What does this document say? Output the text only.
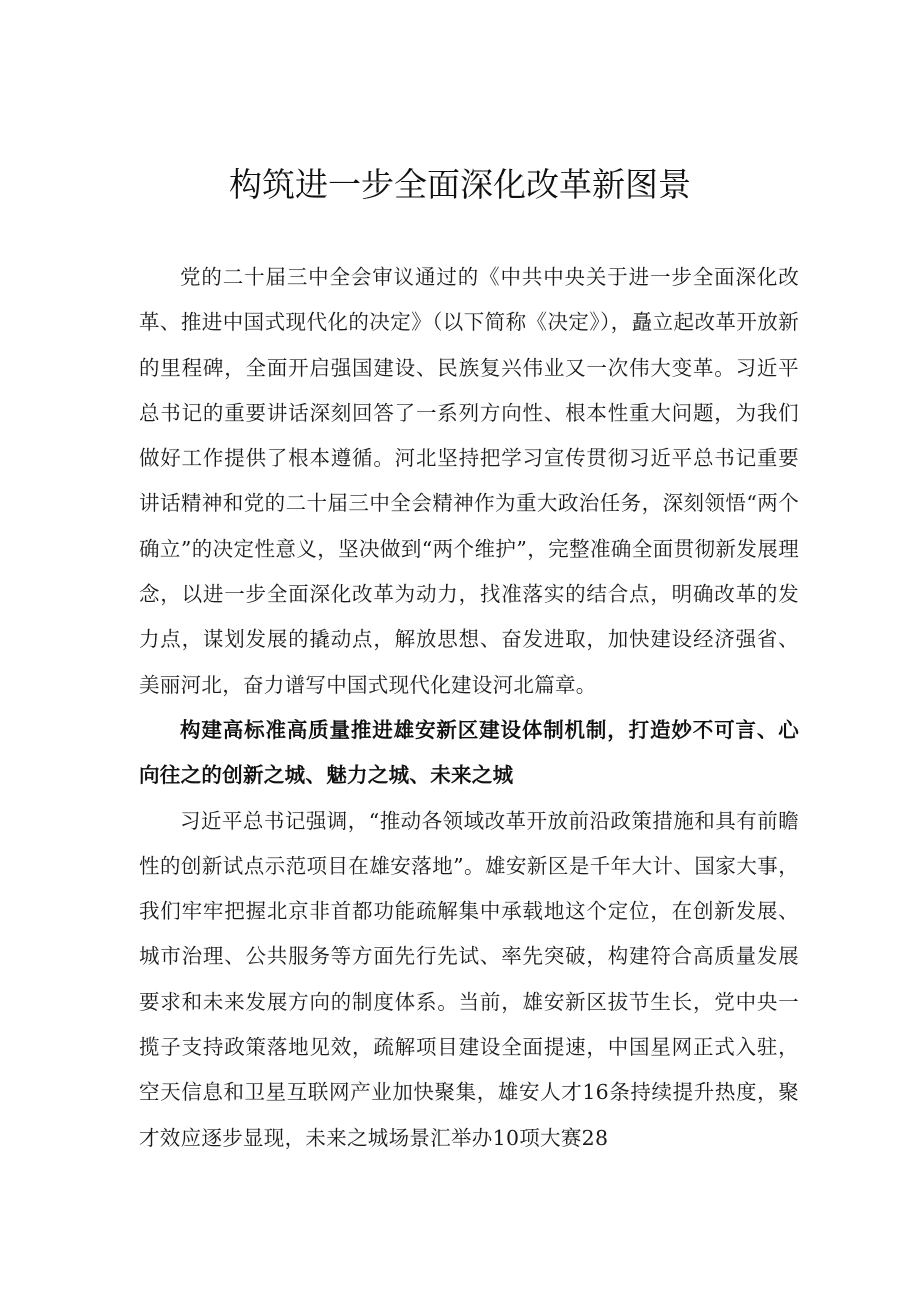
构筑进一步全面深化改革新图景

党的二十届三中全会审议通过的《中共中央关于进一步全面深化改革、推进中国式现代化的决定》（以下简称《决定》），矗立起改革开放新的里程碑，全面开启强国建设、民族复兴伟业又一次伟大变革。习近平总书记的重要讲话深刻回答了一系列方向性、根本性重大问题，为我们做好工作提供了根本遵循。河北坚持把学习宣传贯彻习近平总书记重要讲话精神和党的二十届三中全会精神作为重大政治任务，深刻领悟“两个确立”的决定性意义，坚决做到“两个维护”，完整准确全面贯彻新发展理念，以进一步全面深化改革为动力，找准落实的结合点，明确改革的发力点，谋划发展的撬动点，解放思想、奋发进取，加快建设经济强省、美丽河北，奋力谱写中国式现代化建设河北篇章。

构建高标准高质量推进雄安新区建设体制机制，打造妙不可言、心向往之的创新之城、魅力之城、未来之城

习近平总书记强调，“推动各领域改革开放前沿政策措施和具有前瞻性的创新试点示范项目在雄安落地”。雄安新区是千年大计、国家大事，我们牢牢把握北京非首都功能疏解集中承载地这个定位，在创新发展、城市治理、公共服务等方面先行先试、率先突破，构建符合高质量发展要求和未来发展方向的制度体系。当前，雄安新区拔节生长，党中央一揽子支持政策落地见效，疏解项目建设全面提速，中国星网正式入驻，空天信息和卫星互联网产业加快聚集，雄安人才16条持续提升热度，聚才效应逐步显现，未来之城场景汇举办10项大赛28
